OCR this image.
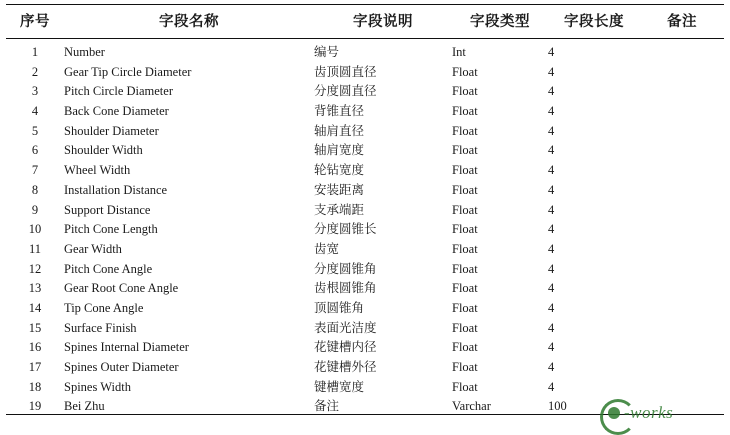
序号	字段名称	字段说明	字段类型	字段长度	备注
1	Number	编号	Int	4	
2	Gear Tip Circle Diameter	齿顶圆直径	Float	4	
3	Pitch Circle Diameter	分度圆直径	Float	4	
4	Back Cone Diameter	背锥直径	Float	4	
5	Shoulder Diameter	轴肩直径	Float	4	
6	Shoulder Width	轴肩宽度	Float	4	
7	Wheel Width	轮钻宽度	Float	4	
8	Installation Distance	安装距离	Float	4	
9	Support Distance	支承端距	Float	4	
10	Pitch Cone Length	分度圆锥长	Float	4	
11	Gear Width	齿宽	Float	4	
12	Pitch Cone Angle	分度圆锥角	Float	4	
13	Gear Root Cone Angle	齿根圆锥角	Float	4	
14	Tip Cone Angle	顶圆锥角	Float	4	
15	Surface Finish	表面光洁度	Float	4	
16	Spines Internal Diameter	花键槽内径	Float	4	
17	Spines Outer Diameter	花键槽外径	Float	4	
18	Spines Width	键槽宽度	Float	4	
19	Bei Zhu	备注	Varchar	100		-works
